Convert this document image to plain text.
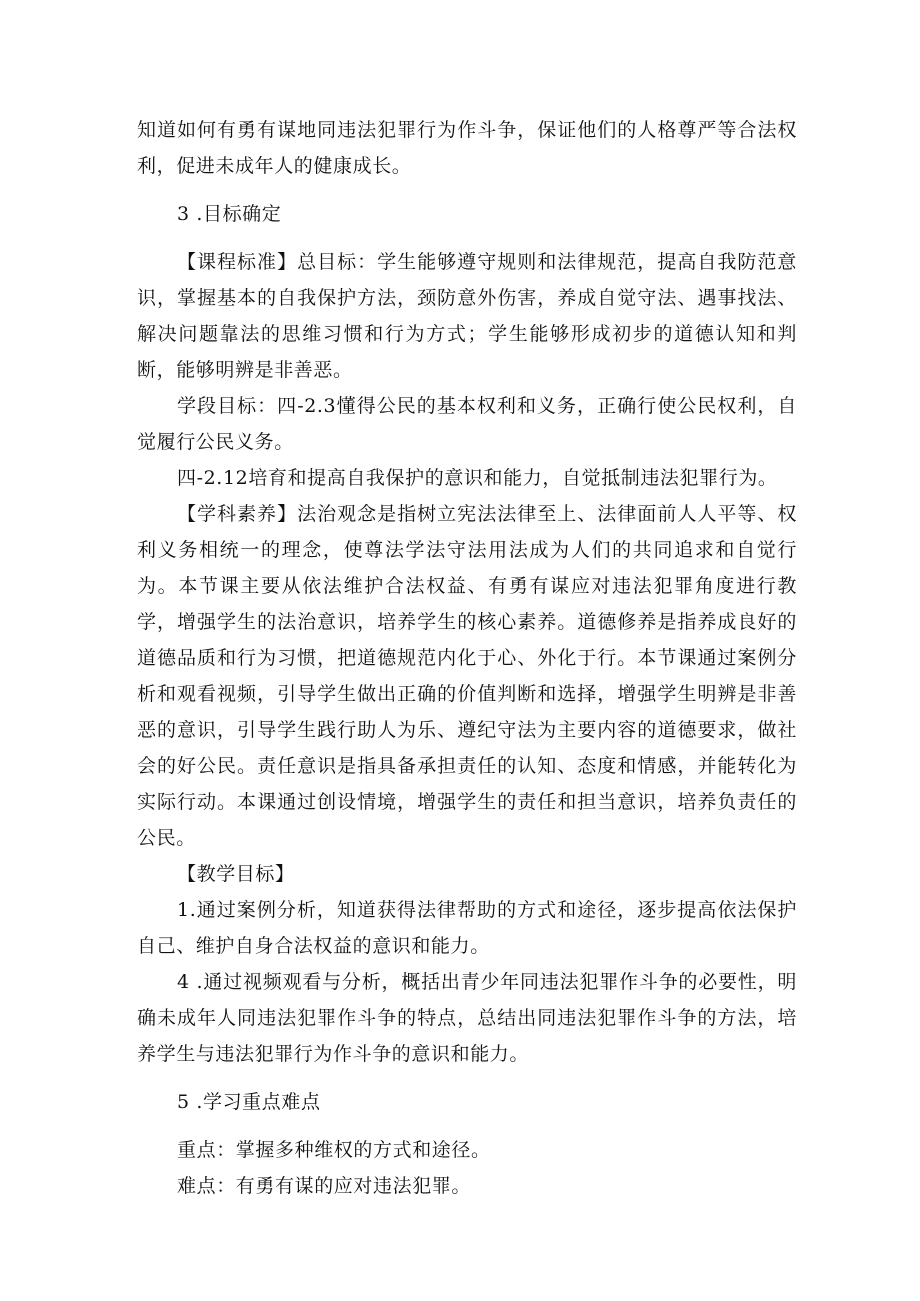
知道如何有勇有谋地同违法犯罪行为作斗争，保证他们的人格尊严等合法权利，促进未成年人的健康成长。

3 .目标确定

【课程标准】总目标：学生能够遵守规则和法律规范，提高自我防范意识，掌握基本的自我保护方法，颈防意外伤害，养成自觉守法、遇事找法、解决问题靠法的思维习惯和行为方式；学生能够形成初步的道德认知和判断，能够明辨是非善恶。

学段目标：四-2.3懂得公民的基本权利和义务，正确行使公民权利，自觉履行公民义务。

四-2.12培育和提高自我保护的意识和能力，自觉抵制违法犯罪行为。

【学科素养】法治观念是指树立宪法法律至上、法律面前人人平等、权利义务相统一的理念，使尊法学法守法用法成为人们的共同追求和自觉行为。本节课主要从依法维护合法权益、有勇有谋应对违法犯罪角度进行教学，增强学生的法治意识，培养学生的核心素养。道德修养是指养成良好的道德品质和行为习惯，把道德规范内化于心、外化于行。本节课通过案例分析和观看视频，引导学生做出正确的价值判断和选择，增强学生明辨是非善恶的意识，引导学生践行助人为乐、遵纪守法为主要内容的道德要求，做社会的好公民。责任意识是指具备承担责任的认知、态度和情感，并能转化为实际行动。本课通过创设情境，增强学生的责任和担当意识，培养负责任的公民。

【教学目标】

1.通过案例分析，知道获得法律帮助的方式和途径，逐步提高依法保护自己、维护自身合法权益的意识和能力。

4 .通过视频观看与分析，概括出青少年同违法犯罪作斗争的必要性，明确未成年人同违法犯罪作斗争的特点，总结出同违法犯罪作斗争的方法，培养学生与违法犯罪行为作斗争的意识和能力。

5 .学习重点难点

重点：掌握多种维权的方式和途径。

难点：有勇有谋的应对违法犯罪。
